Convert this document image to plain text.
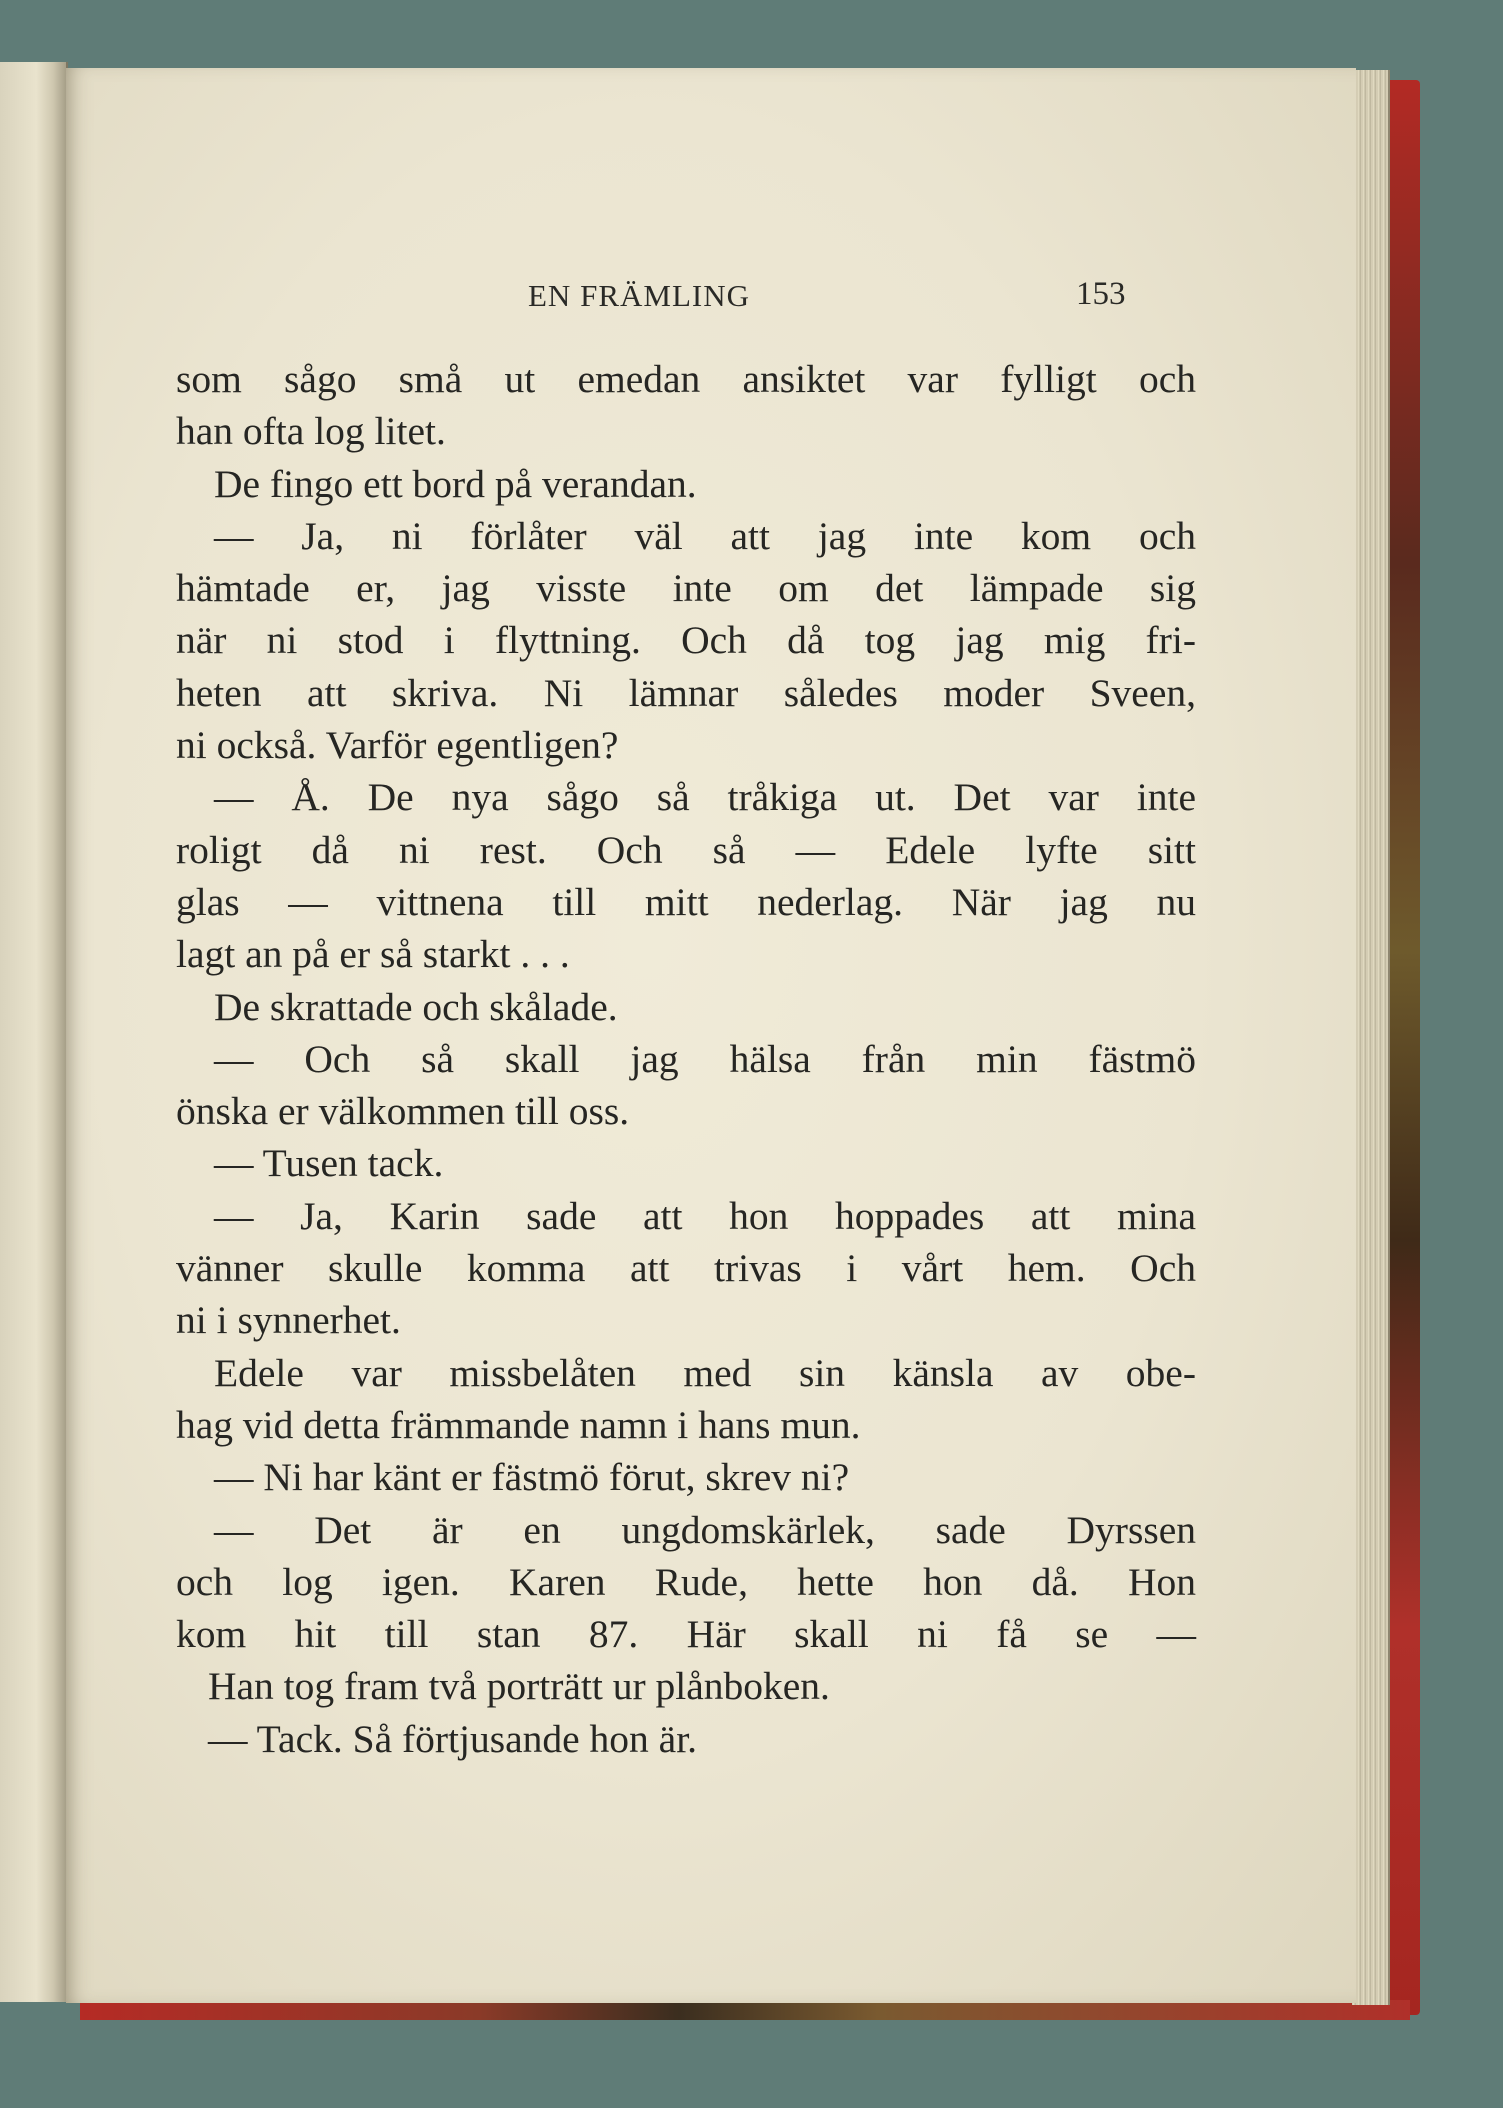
EN FRÄMLING	153
som sågo små ut emedan ansiktet var fylligt och
han ofta log litet.
De fingo ett bord på verandan.
— Ja, ni förlåter väl att jag inte kom och
hämtade er, jag visste inte om det lämpade sig
när ni stod i flyttning. Och då tog jag mig fri-
heten att skriva. Ni lämnar således moder Sveen,
ni också. Varför egentligen?
— Å. De nya sågo så tråkiga ut. Det var inte
roligt då ni rest. Och så — Edele lyfte sitt
glas — vittnena till mitt nederlag. När jag nu
lagt an på er så starkt . . .
De skrattade och skålade.
— Och så skall jag hälsa från min fästmö
önska er välkommen till oss.
— Tusen tack.
— Ja, Karin sade att hon hoppades att mina
vänner skulle komma att trivas i vårt hem. Och
ni i synnerhet.
Edele var missbelåten med sin känsla av obe-
hag vid detta främmande namn i hans mun.
— Ni har känt er fästmö förut, skrev ni?
— Det är en ungdomskärlek, sade Dyrssen
och log igen. Karen Rude, hette hon då. Hon
kom hit till stan 87. Här skall ni få se —
Han tog fram två porträtt ur plånboken.
— Tack. Så förtjusande hon är.
